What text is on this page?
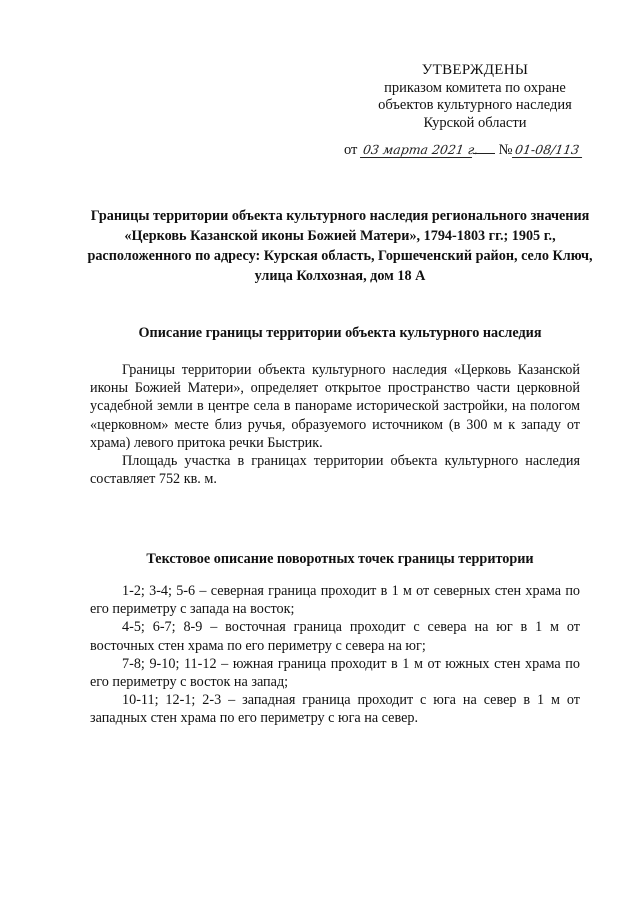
УТВЕРЖДЕНЫ
приказом комитета по охране
объектов культурного наследия
Курской области
от 03 марта 2021 г. №01-08/113
Границы территории объекта культурного наследия регионального значения «Церковь Казанской иконы Божией Матери», 1794-1803 гг.; 1905 г., расположенного по адресу: Курская область, Горшеченский район, село Ключ, улица Колхозная, дом 18 А
Описание границы территории объекта культурного наследия

Границы территории объекта культурного наследия «Церковь Казанской иконы Божией Матери», определяет открытое пространство части церковной усадебной земли в центре села в панораме исторической застройки, на пологом «церковном» месте близ ручья, образуемого источником (в 300 м к западу от храма) левого притока речки Быстрик.

Площадь участка в границах территории объекта культурного наследия составляет 752 кв. м.

Текстовое описание поворотных точек границы территории

1-2; 3-4; 5-6 – северная граница проходит в 1 м от северных стен храма по его периметру с запада на восток;

4-5; 6-7; 8-9 – восточная граница проходит с севера на юг в 1 м от восточных стен храма по его периметру с севера на юг;

7-8; 9-10; 11-12 – южная граница проходит в 1 м от южных стен храма по его периметру с восток на запад;

10-11; 12-1; 2-3 – западная граница проходит с юга на север в 1 м от западных стен храма по его периметру с юга на север.
